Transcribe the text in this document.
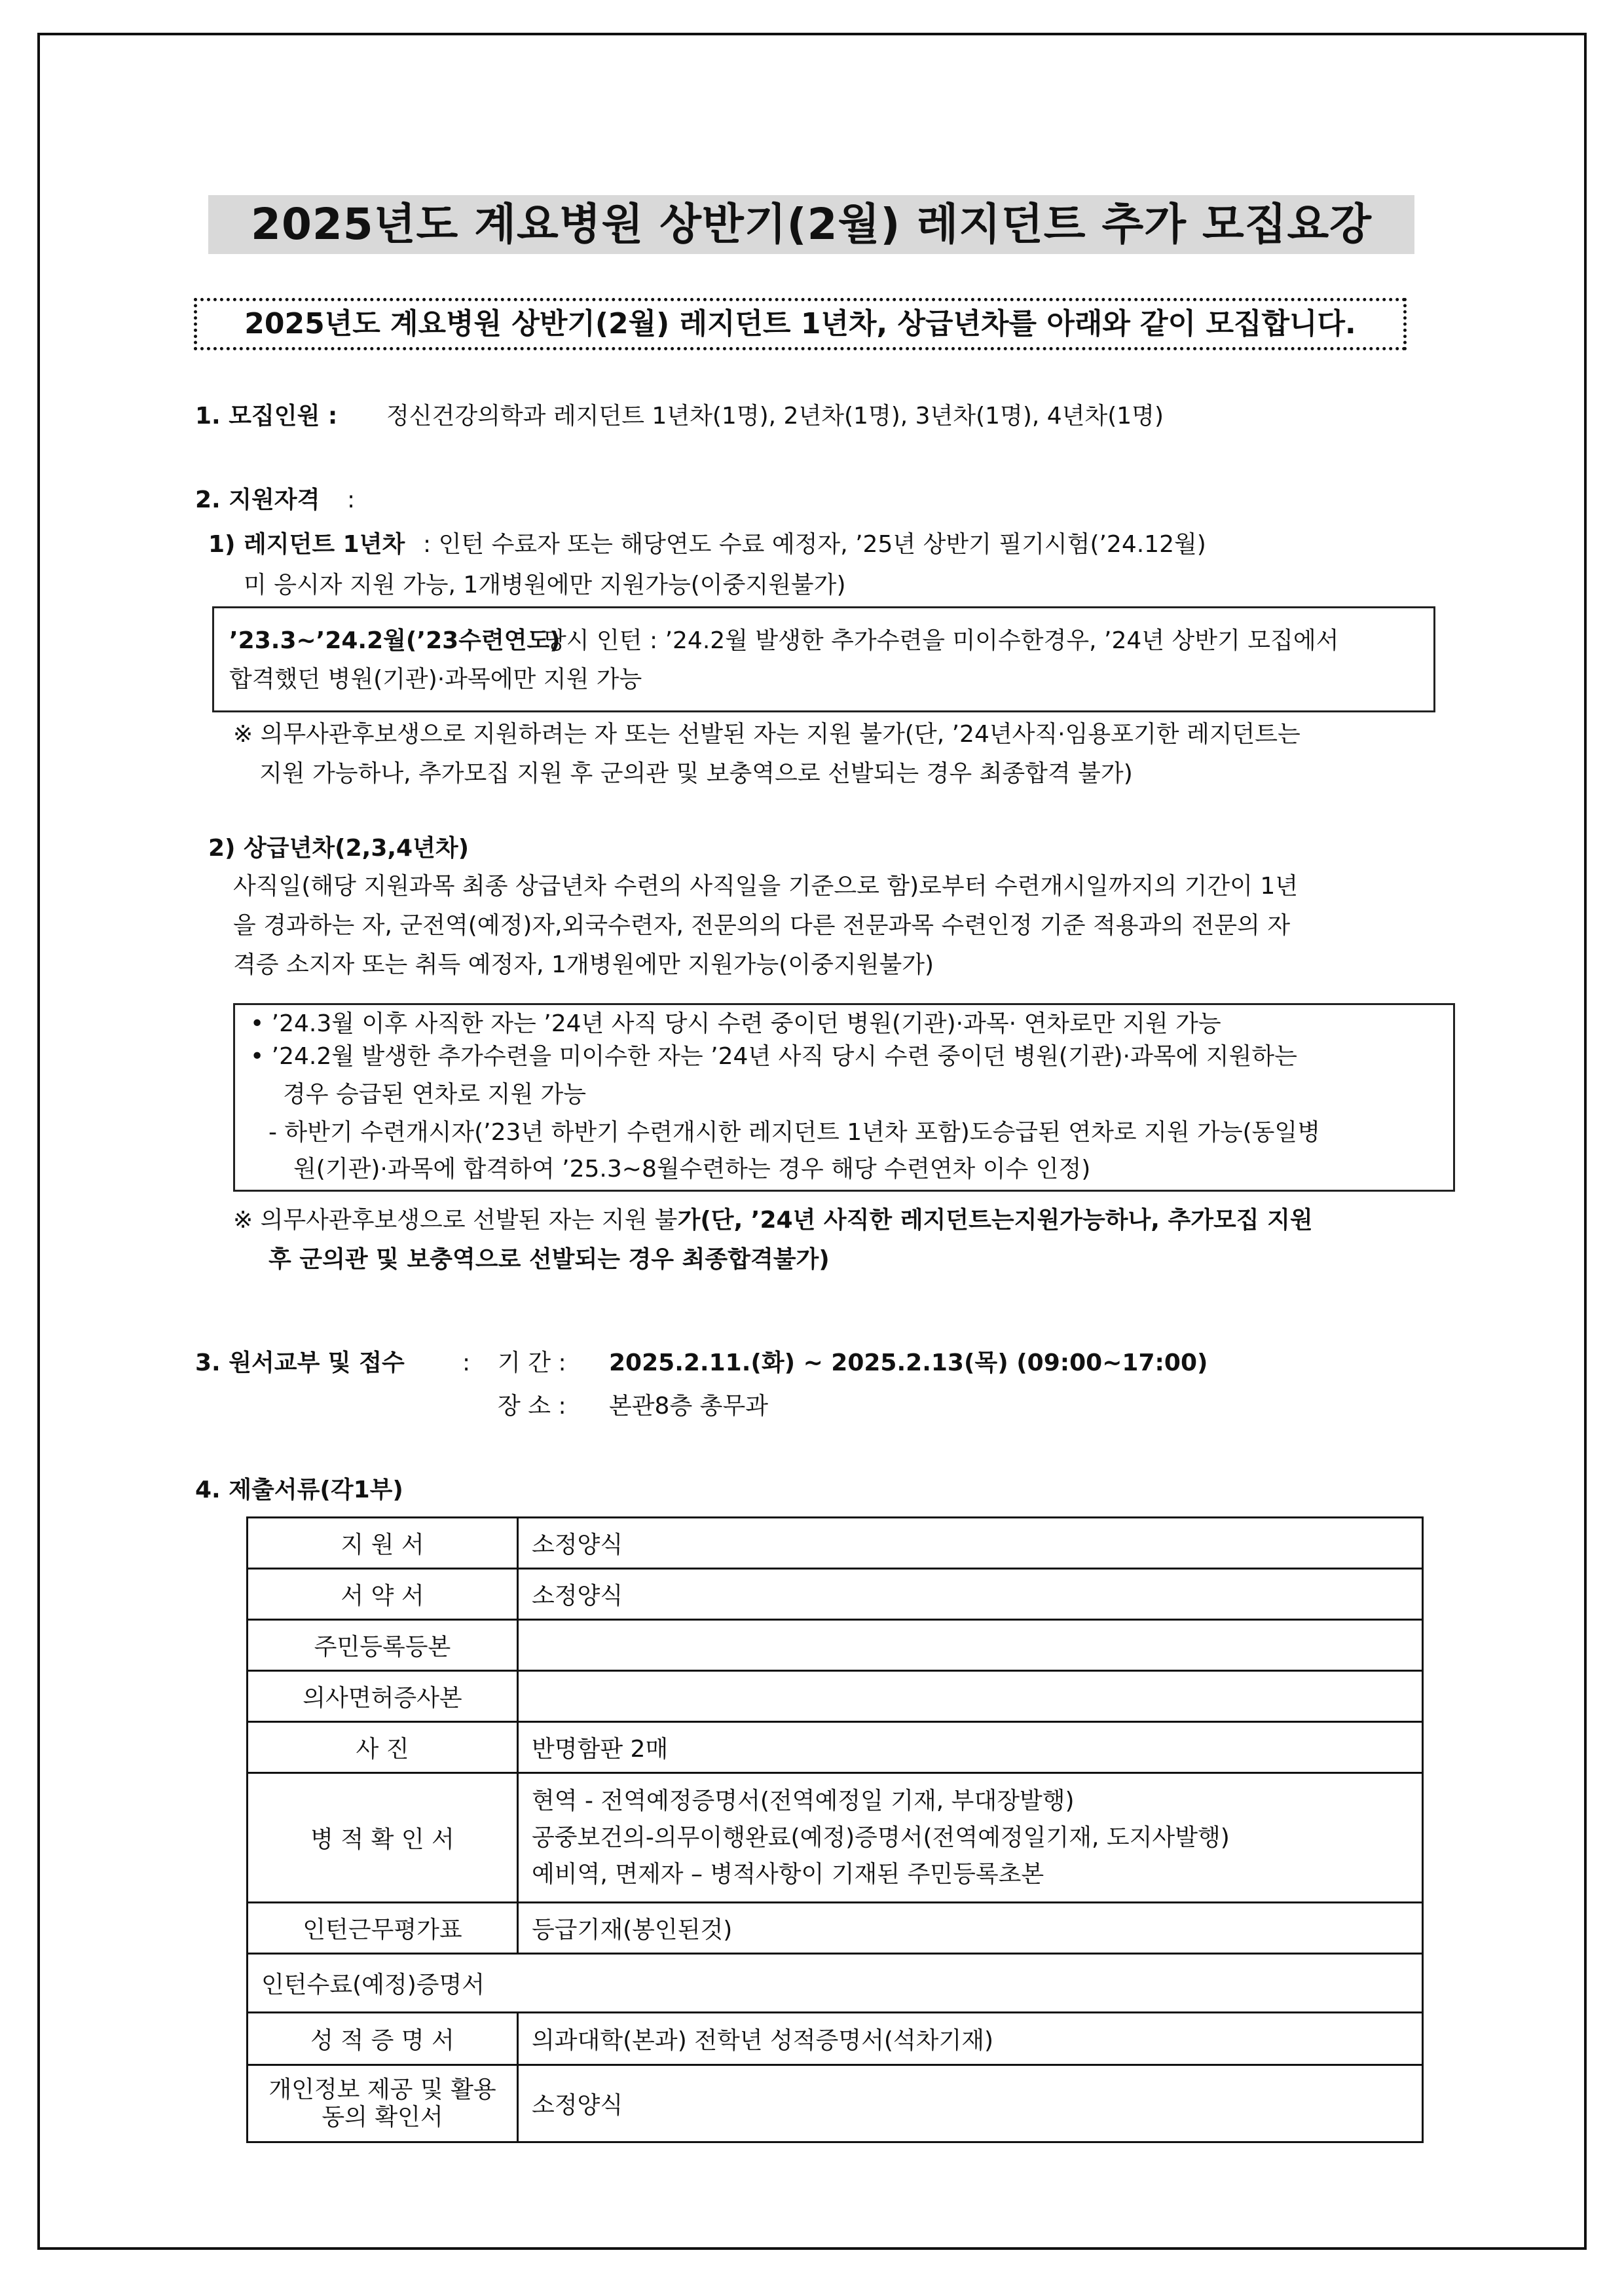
2025년도 계요병원 상반기(2월) 레지던트 추가 모집요강
2025년도 계요병원 상반기(2월) 레지던트 1년차, 상급년차를 아래와 같이 모집합니다.
1. 모집인원 : 정신건강의학과 레지던트 1년차(1명), 2년차(1명), 3년차(1명), 4년차(1명)
2. 지원자격 :
1) 레지던트 1년차 : 인턴 수료자 또는 해당연도 수료 예정자, ’25년 상반기 필기시험(’24.12월)
미 응시자 지원 가능, 1개병원에만 지원가능(이중지원불가)
’23.3~’24.2월(’23수련연도)
당시 인턴 : ’24.2월 발생한 추가수련을 미이수한경우, ’24년 상반기 모집에서
합격했던 병원(기관)·과목에만 지원 가능
※ 의무사관후보생으로 지원하려는 자 또는 선발된 자는 지원 불가(단, ’24년사직·임용포기한 레지던트는
지원 가능하나, 추가모집 지원 후 군의관 및 보충역으로 선발되는 경우 최종합격 불가)
2) 상급년차(2,3,4년차)
사직일(해당 지원과목 최종 상급년차 수련의 사직일을 기준으로 함)로부터 수련개시일까지의 기간이 1년
을 경과하는 자, 군전역(예정)자,외국수련자, 전문의의 다른 전문과목 수련인정 기준 적용과의 전문의 자
격증 소지자 또는 취득 예정자, 1개병원에만 지원가능(이중지원불가)
• ’24.3월 이후 사직한 자는 ’24년 사직 당시 수련 중이던 병원(기관)·과목· 연차로만 지원 가능
• ’24.2월 발생한 추가수련을 미이수한 자는 ’24년 사직 당시 수련 중이던 병원(기관)·과목에 지원하는
경우 승급된 연차로 지원 가능
- 하반기 수련개시자(’23년 하반기 수련개시한 레지던트 1년차 포함)도승급된 연차로 지원 가능(동일병
원(기관)·과목에 합격하여 ’25.3~8월수련하는 경우 해당 수련연차 이수 인정)
※ 의무사관후보생으로 선발된 자는 지원 불가(단, ’24년 사직한 레지던트는지원가능하나, 추가모집 지원
후 군의관 및 보충역으로 선발되는 경우 최종합격불가)
3. 원서교부 및 접수 : 기 간 : 2025.2.11.(화) ~ 2025.2.13(목) (09:00~17:00)
장 소 : 본관8층 총무과
4. 제출서류(각1부)
지 원 서	소정양식
서 약 서	소정양식
주민등록등본	
의사면허증사본	
사 진	반명함판 2매
병 적 확 인 서	현역 - 전역예정증명서(전역예정일 기재, 부대장발행)
공중보건의-의무이행완료(예정)증명서(전역예정일기재, 도지사발행)
예비역, 면제자 – 병적사항이 기재된 주민등록초본

인턴근무평가표	등급기재(봉인된것)
인턴수료(예정)증명서	
성 적 증 명 서	의과대학(본과) 전학년 성적증명서(석차기재)
개인정보 제공 및 활용 동의 확인서	소정양식
